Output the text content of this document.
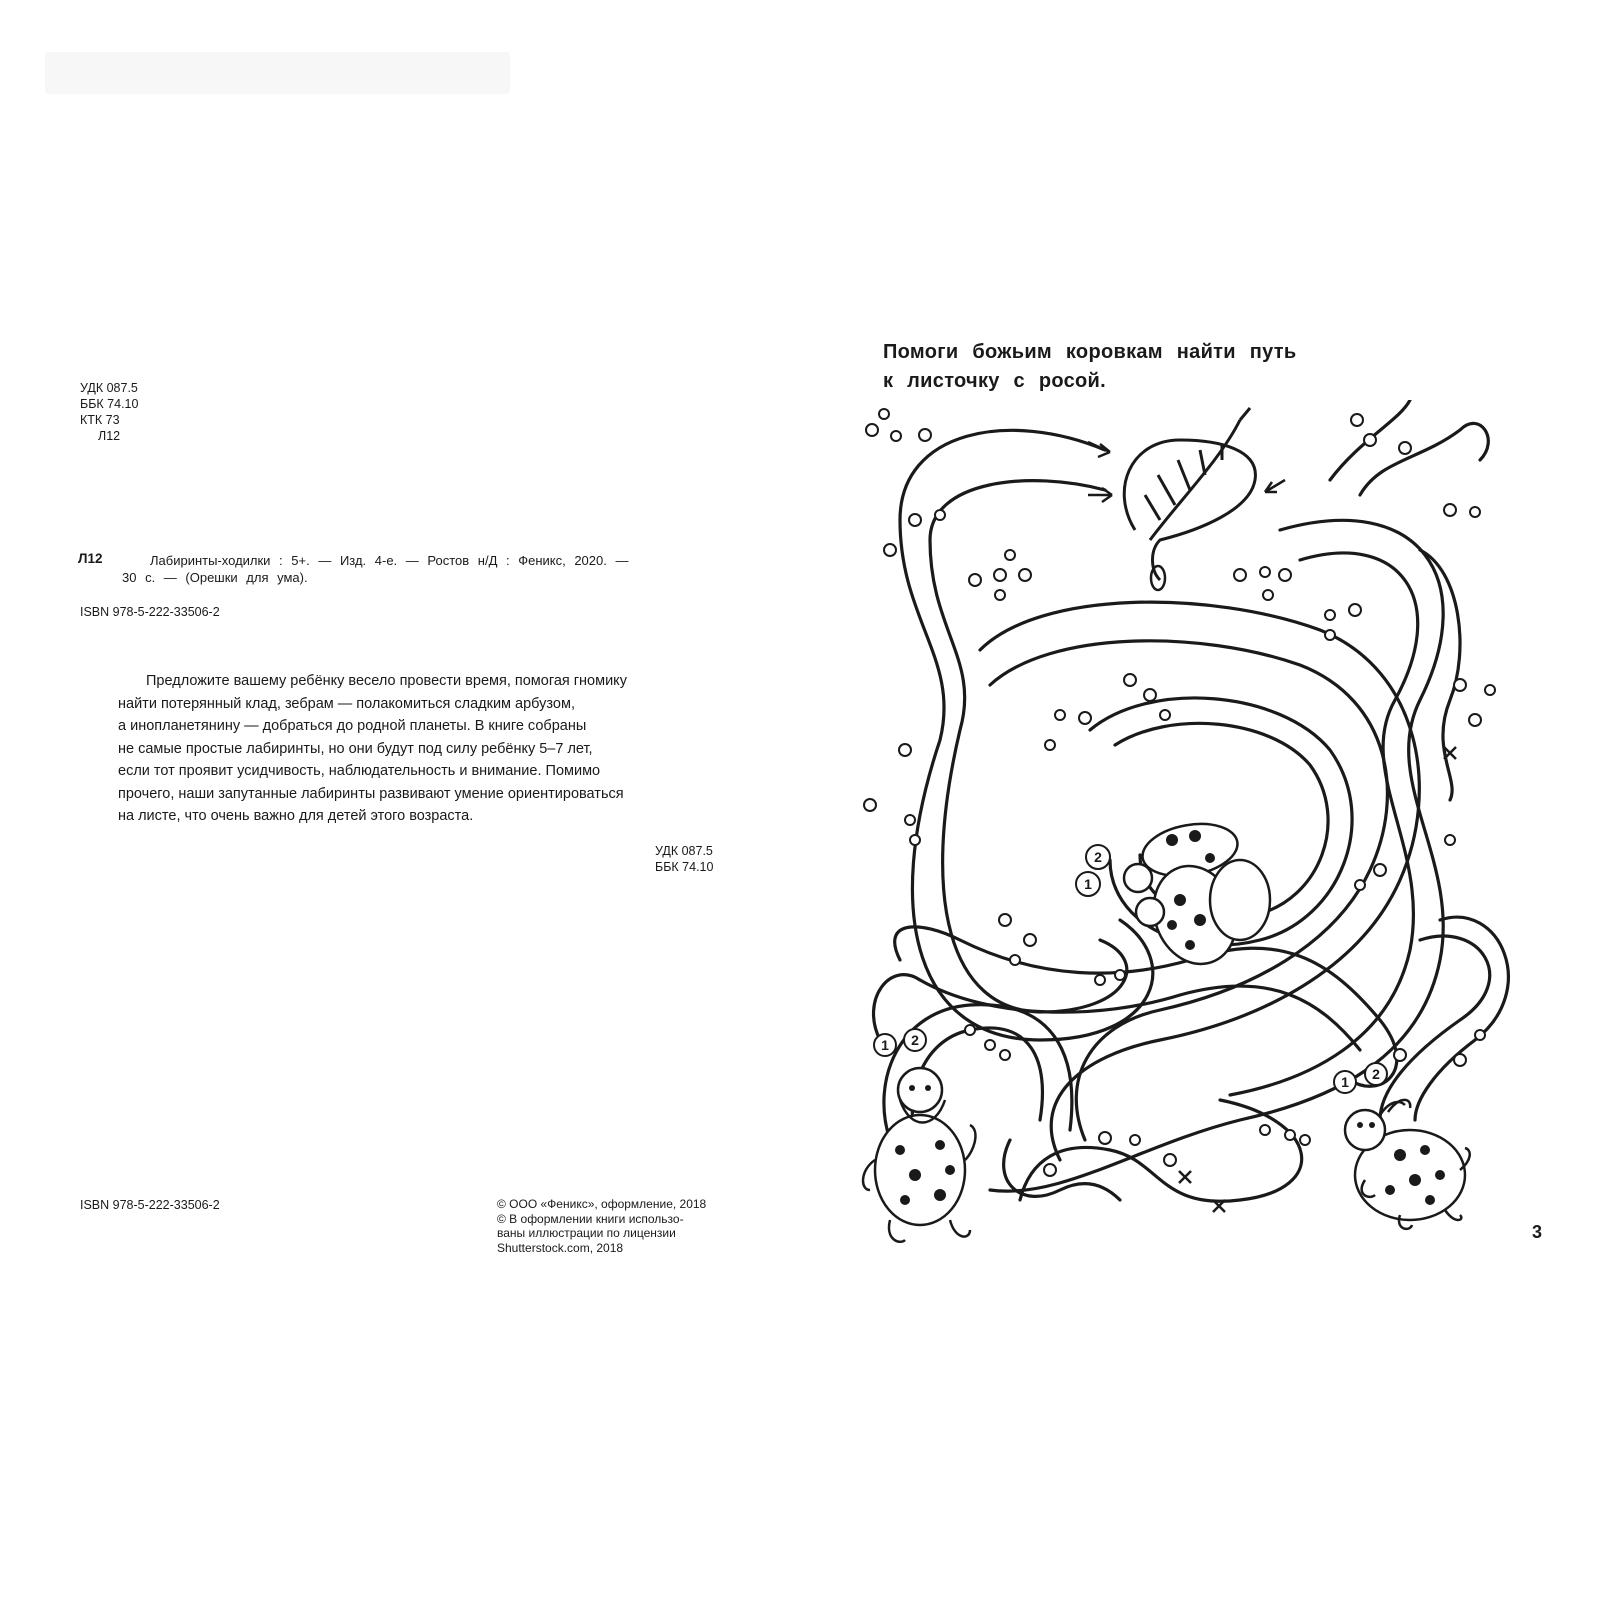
УДК 087.5
ББК 74.10
КТК 73
Л12
Л12	Лабиринты-ходилки : 5+. — Изд. 4-е. — Ростов н/Д : Феникс, 2020. —
30 с. — (Орешки для ума).
ISBN 978-5-222-33506-2
Предложите вашему ребёнку весело провести время, помогая гномику
найти потерянный клад, зебрам — полакомиться сладким арбузом,
а инопланетянину — добраться до родной планеты. В книге собраны
не самые простые лабиринты, но они будут под силу ребёнку 5–7 лет,
если тот проявит усидчивость, наблюдательность и внимание. Помимо
прочего, наши запутанные лабиринты развивают умение ориентироваться
на листе, что очень важно для детей этого возраста.
УДК 087.5
ББК 74.10
ISBN 978-5-222-33506-2	© ООО «Феникс», оформление, 2018
© В оформлении книги использо-
ваны иллюстрации по лицензии
Shutterstock.com, 2018
Помоги божьим коровкам найти путь
к листочку с росой.
3
2
1
1 2
1 2
